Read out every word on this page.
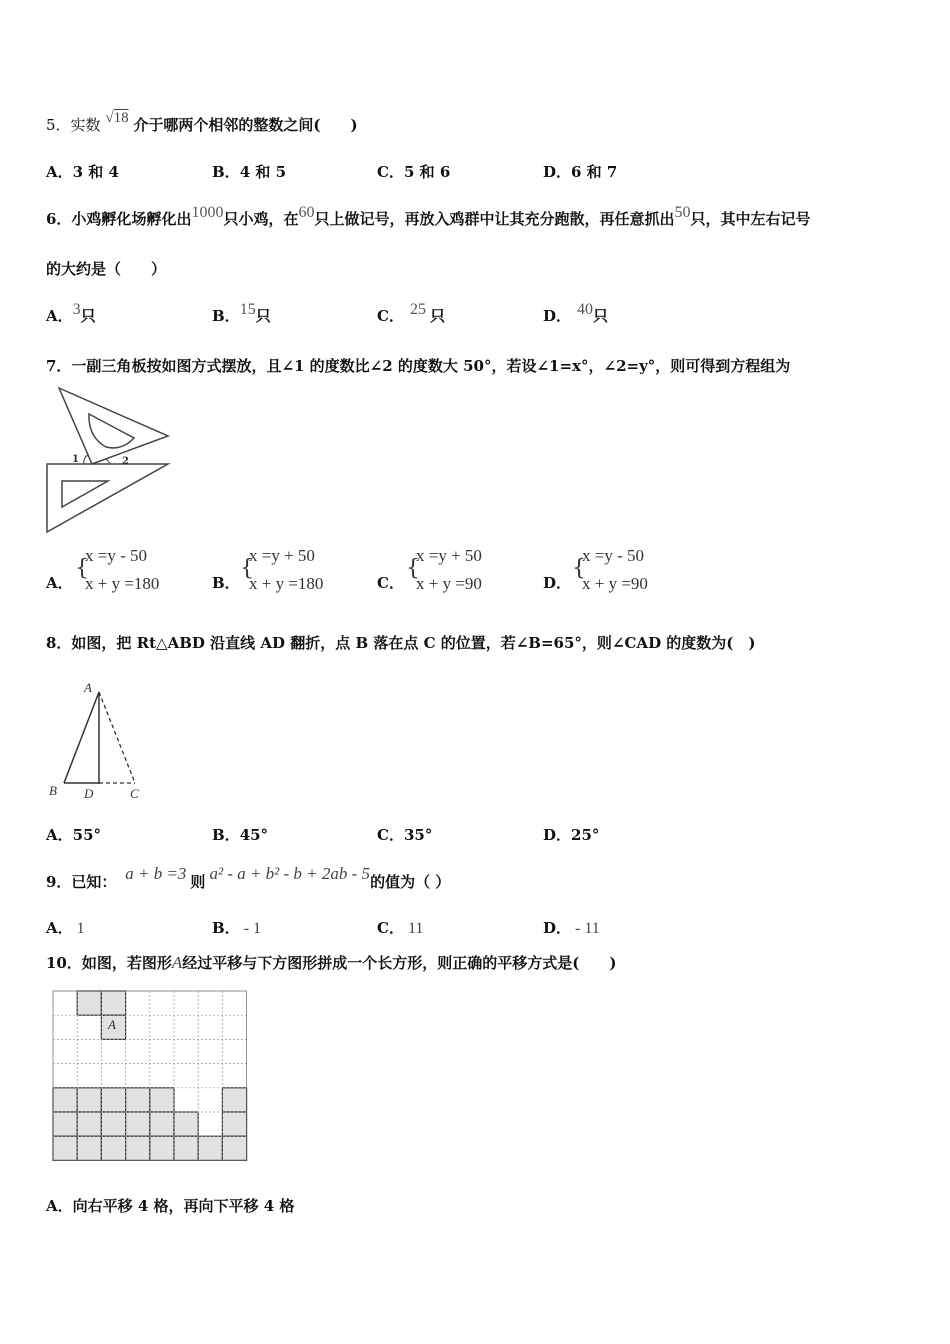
5．实数 √18 介于哪两个相邻的整数之间(　　)
A．3 和 4	B．4 和 5	C．5 和 6	D．6 和 7
6．小鸡孵化场孵化出1000只小鸡，在60只上做记号，再放入鸡群中让其充分跑散，再任意抓出50只，其中左右记号
的大约是（　　）
A．3只	B．15只	C． 25 只	D． 40只
7．一副三角板按如图方式摆放，且∠1 的度数比∠2 的度数大 50°，若设∠1=x°，∠2=y°，则可得到方程组为
1	2
A．
{
x =y - 50
x + y =180	B．
{
x =y + 50
x + y =180	C．
{
x =y + 50
x + y =90	D．
{
x =y - 50
x + y =90
8．如图，把 Rt△ABD 沿直线 AD 翻折，点 B 落在点 C 的位置，若∠B=65°，则∠CAD 的度数为(　)
A
B D	C
A．55°	B．45°	C．35°	D．25°
9．已知： a + b =3 则 a² - a + b² - b + 2ab - 5的值为（ ）
A． 1	B． - 1	C． 11	D． - 11
10．如图，若图形A经过平移与下方图形拼成一个长方形，则正确的平移方式是(　　)
A
A．向右平移 4 格，再向下平移 4 格
